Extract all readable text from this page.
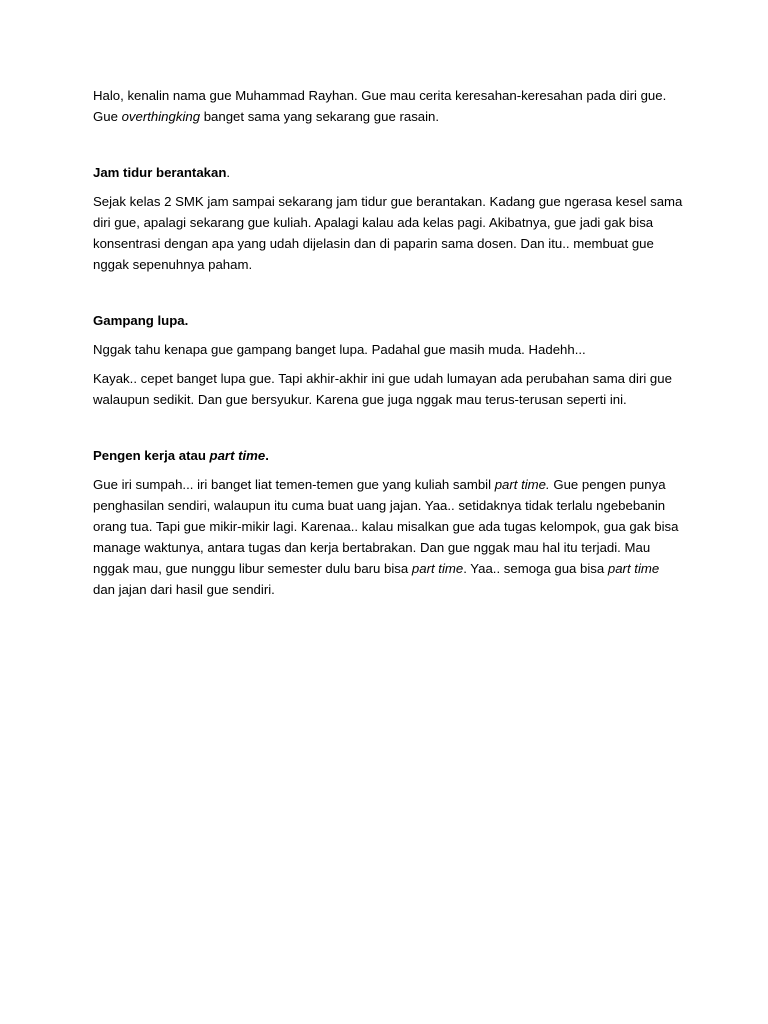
Halo, kenalin nama gue Muhammad Rayhan. Gue mau cerita keresahan-keresahan pada diri gue. Gue overthingking banget sama yang sekarang gue rasain.

Jam tidur berantakan.

Sejak kelas 2 SMK jam sampai sekarang jam tidur gue berantakan. Kadang gue ngerasa kesel sama diri gue, apalagi sekarang gue kuliah. Apalagi kalau ada kelas pagi. Akibatnya, gue jadi gak bisa konsentrasi dengan apa yang udah dijelasin dan di paparin sama dosen. Dan itu.. membuat gue nggak sepenuhnya paham.

Gampang lupa.

Nggak tahu kenapa gue gampang banget lupa. Padahal gue masih muda. Hadehh...

Kayak.. cepet banget lupa gue. Tapi akhir-akhir ini gue udah lumayan ada perubahan sama diri gue walaupun sedikit. Dan gue bersyukur. Karena gue juga nggak mau terus-terusan seperti ini.

Pengen kerja atau part time.

Gue iri sumpah... iri banget liat temen-temen gue yang kuliah sambil part time. Gue pengen punya penghasilan sendiri, walaupun itu cuma buat uang jajan. Yaa.. setidaknya tidak terlalu ngebebanin orang tua. Tapi gue mikir-mikir lagi. Karenaa.. kalau misalkan gue ada tugas kelompok, gua gak bisa manage waktunya, antara tugas dan kerja bertabrakan. Dan gue nggak mau hal itu terjadi. Mau nggak mau, gue nunggu libur semester dulu baru bisa part time. Yaa.. semoga gua bisa part time dan jajan dari hasil gue sendiri.
